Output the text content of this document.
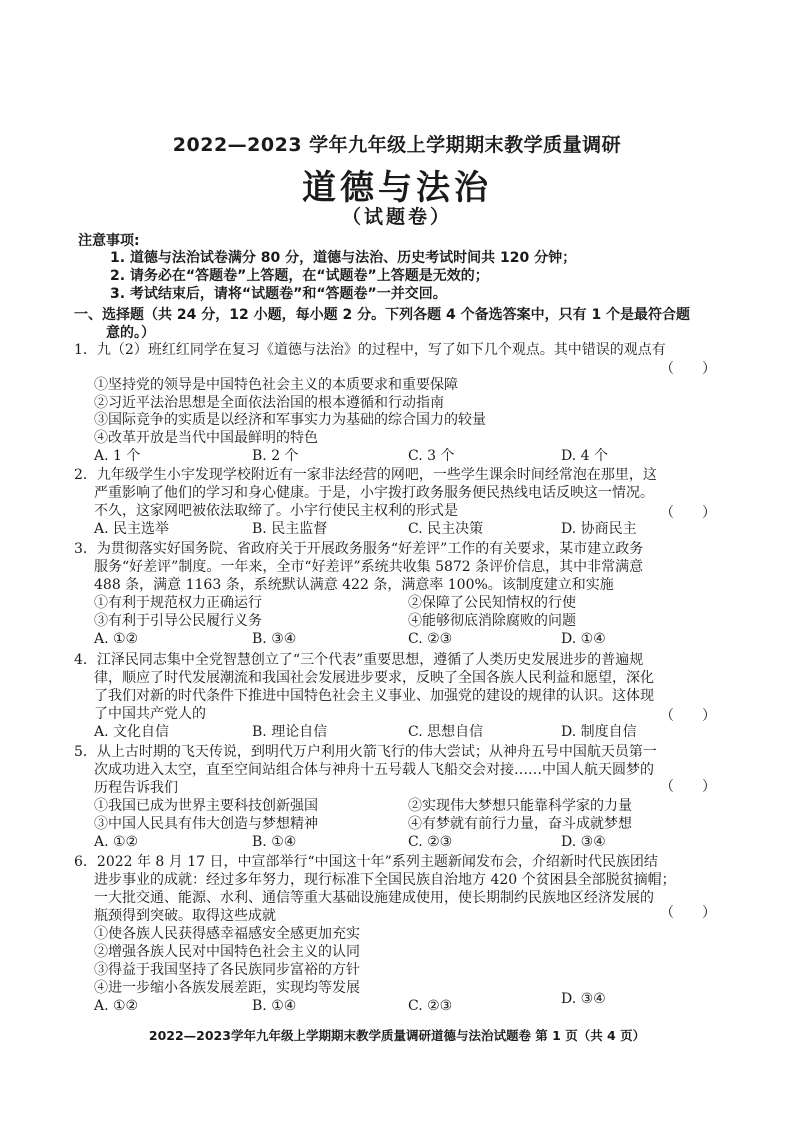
2022—2023 学年九年级上学期期末教学质量调研
道德与法治
（试题卷）
注意事项:
1. 道德与法治试卷满分 80 分，道德与法治、历史考试时间共 120 分钟；
2. 请务必在“答题卷”上答题，在“试题卷”上答题是无效的；
3. 考试结束后，请将“试题卷”和“答题卷”一并交回。
一、选择题（共 24 分，12 小题，每小题 2 分。下列各题 4 个备选答案中，只有 1 个是最符合题
意的。）
1．九（2）班红红同学在复习《道德与法治》的过程中，写了如下几个观点。其中错误的观点有
（　　）
①坚持党的领导是中国特色社会主义的本质要求和重要保障
②习近平法治思想是全面依法治国的根本遵循和行动指南
③国际竞争的实质是以经济和军事实力为基础的综合国力的较量
④改革开放是当代中国最鲜明的特色
A. 1 个	B. 2 个	C. 3 个	D. 4 个
2．九年级学生小宇发现学校附近有一家非法经营的网吧，一些学生课余时间经常泡在那里，这
严重影响了他们的学习和身心健康。于是，小宇拨打政务服务便民热线电话反映这一情况。
不久，这家网吧被依法取缔了。小宇行使民主权利的形式是	（　　）
A. 民主选举	B. 民主监督	C. 民主决策	D. 协商民主
3．为贯彻落实好国务院、省政府关于开展政务服务“好差评”工作的有关要求，某市建立政务
服务“好差评”制度。一年来，全市“好差评”系统共收集 5872 条评价信息，其中非常满意
488 条，满意 1163 条，系统默认满意 422 条，满意率 100%。该制度建立和实施
①有利于规范权力正确运行	②保障了公民知情权的行使
③有利于引导公民履行义务	④能够彻底消除腐败的问题
A. ①②	B. ③④	C. ②③	D. ①④
4．江泽民同志集中全党智慧创立了“三个代表”重要思想，遵循了人类历史发展进步的普遍规
律，顺应了时代发展潮流和我国社会发展进步要求，反映了全国各族人民利益和愿望，深化
了我们对新的时代条件下推进中国特色社会主义事业、加强党的建设的规律的认识。这体现
了中国共产党人的	（　　）
A. 文化自信	B. 理论自信	C. 思想自信	D. 制度自信
5．从上古时期的飞天传说，到明代万户利用火箭飞行的伟大尝试；从神舟五号中国航天员第一
次成功进入太空，直至空间站组合体与神舟十五号载人飞船交会对接……中国人航天圆梦的
历程告诉我们	（　　）
①我国已成为世界主要科技创新强国	②实现伟大梦想只能靠科学家的力量
③中国人民具有伟大创造与梦想精神	④有梦就有前行力量，奋斗成就梦想
A. ①②	B. ①④	C. ②③	D. ③④
6．2022 年 8 月 17 日，中宣部举行“中国这十年”系列主题新闻发布会，介绍新时代民族团结
进步事业的成就：经过多年努力，现行标准下全国民族自治地方 420 个贫困县全部脱贫摘帽；
一大批交通、能源、水利、通信等重大基础设施建成使用，使长期制约民族地区经济发展的
瓶颈得到突破。取得这些成就	（　　）
①使各族人民获得感幸福感安全感更加充实
②增强各族人民对中国特色社会主义的认同
③得益于我国坚持了各民族同步富裕的方针
④进一步缩小各族发展差距，实现均等发展
A. ①②	B. ①④	C. ②③	D. ③④
2022—2023学年九年级上学期期末教学质量调研道德与法治试题卷 第 1 页（共 4 页）
